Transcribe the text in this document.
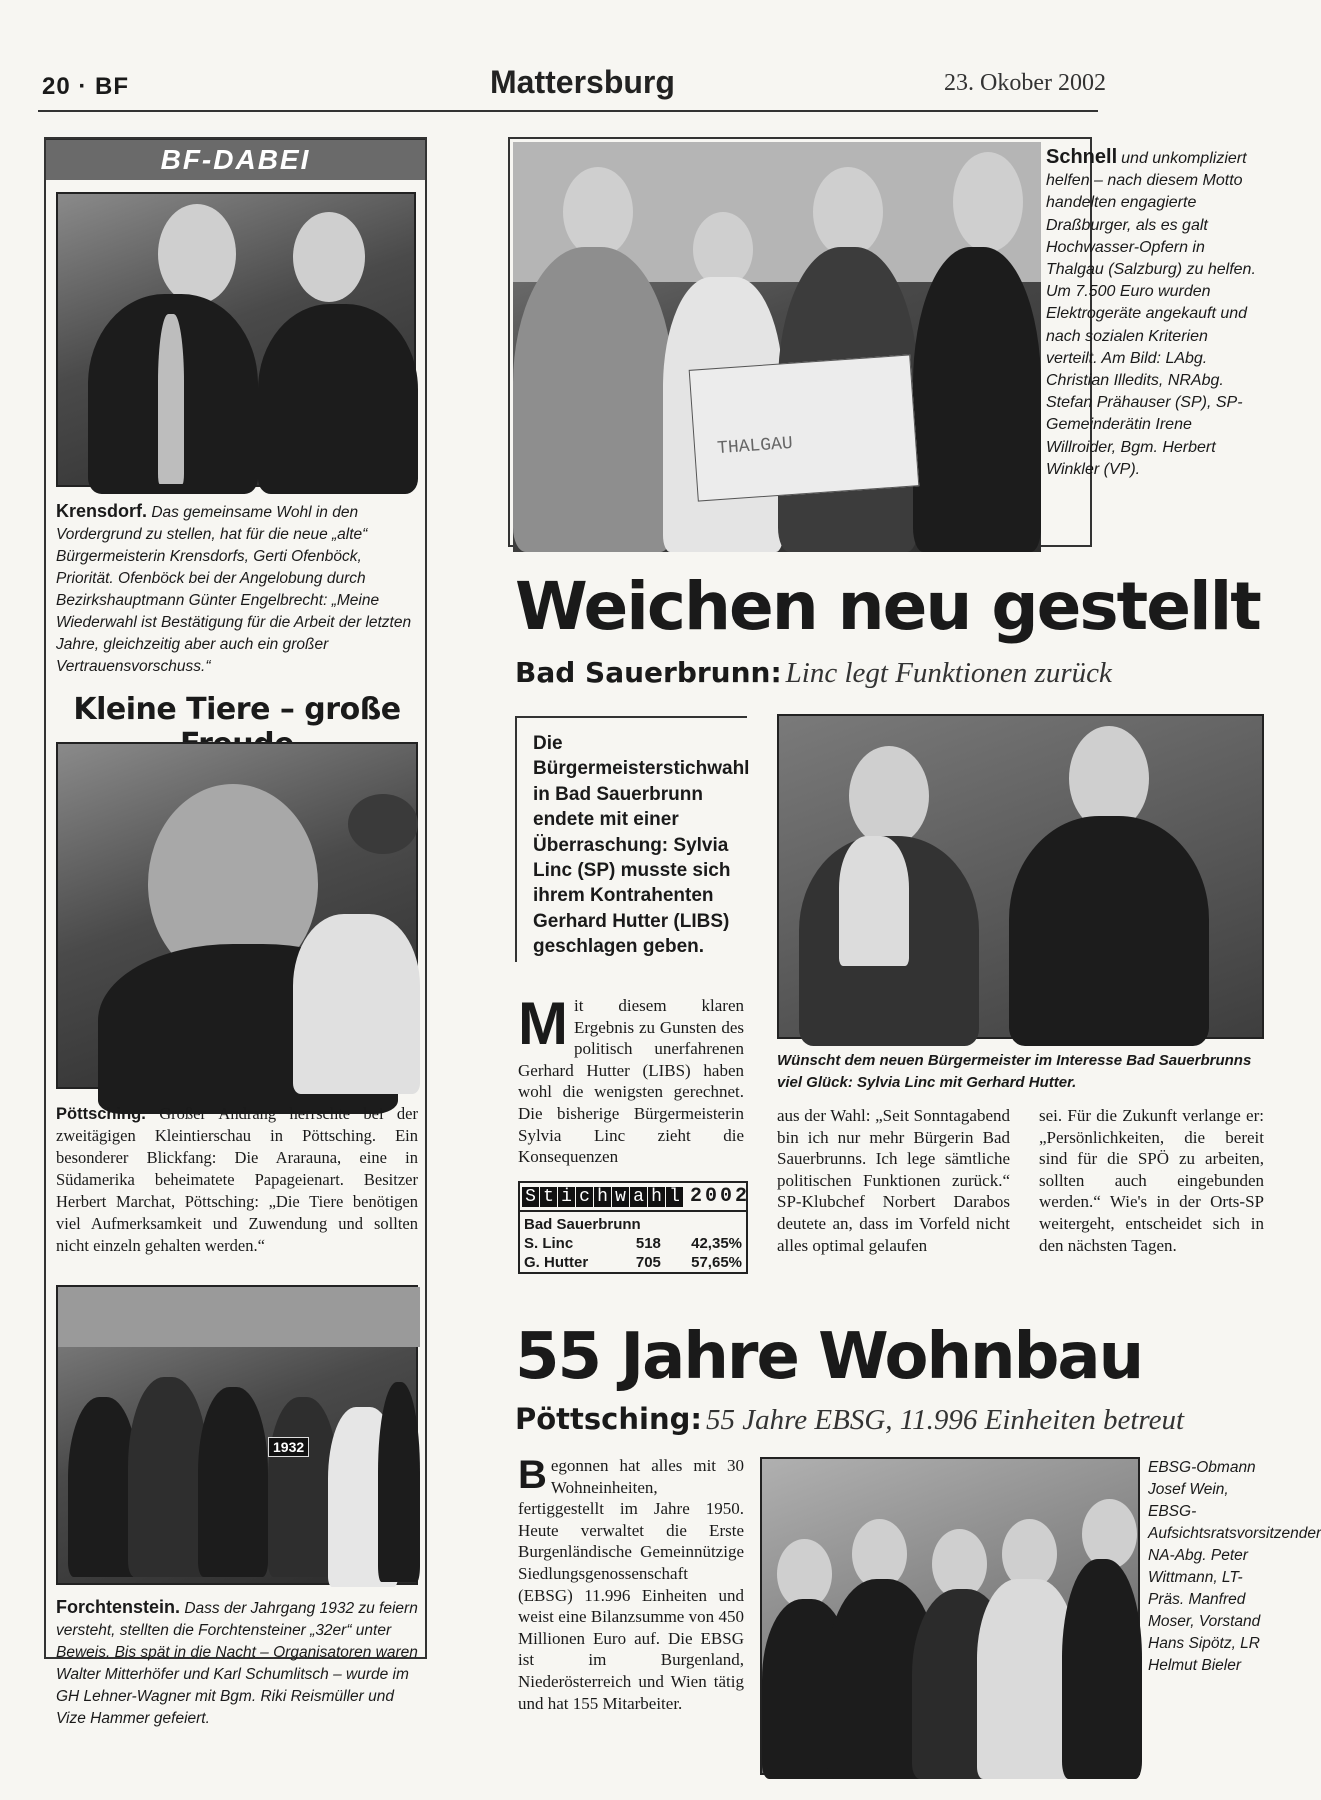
20 · BF	Mattersburg	23. Okober 2002
BF-DABEI
Krensdorf. Das gemeinsame Wohl in den Vordergrund zu stellen, hat für die neue „alte“ Bürgermeisterin Krensdorfs, Gerti Ofenböck, Priorität. Ofenböck bei der Angelobung durch Bezirkshauptmann Günter Engelbrecht: „Meine Wiederwahl ist Bestätigung für die Arbeit der letzten Jahre, gleichzeitig aber auch ein großer Vertrauensvorschuss.“
Kleine Tiere – große
Pöttsching. Großer Andrang herrschte bei der zweitägigen Kleintierschau in Pöttsching. Ein besonderer Blickfang: Die Ararauna, eine in Südamerika beheimatete Papageienart. Besitzer Herbert Marchat, Pöttsching: „Die Tiere benötigen viel Aufmerksamkeit und Zuwendung und sollten nicht einzeln gehalten werden.“
1932
Forchtenstein. Dass der Jahrgang 1932 zu feiern versteht, stellten die Forchtensteiner „32er“ unter Beweis. Bis spät in die Nacht – Organisatoren waren Walter Mitterhöfer und Karl Schumlitsch – wurde im GH Lehner-Wagner mit Bgm. Riki Reismüller und Vize Hammer gefeiert.
THALGAU
Schnell und unkompliziert helfen – nach diesem Motto handelten engagierte Draßburger, als es galt Hochwasser-Opfern in Thalgau (Salzburg) zu helfen. Um 7.500 Euro wurden Elektrogeräte angekauft und nach sozialen Kriterien verteilt. Am Bild: LAbg. Christian Illedits, NRAbg. Stefan Prähauser (SP), SP-Gemeinderätin Irene Willroider, Bgm. Herbert Winkler (VP).
Weichen neu gestellt
Bad Sauerbrunn: Linc legt Funktionen zurück
Die Bürgermeisterstichwahl in Bad Sauerbrunn endete mit einer Überraschung: Sylvia Linc (SP) musste sich ihrem Kontrahenten Gerhard Hutter (LIBS) geschlagen geben.
Wünscht dem neuen Bürgermeister im Interesse Bad Sauerbrunns viel Glück: Sylvia Linc mit Gerhard Hutter.
Mit diesem klaren Ergebnis zu Gunsten des politisch unerfahrenen Gerhard Hutter (LIBS) haben wohl die wenigsten gerechnet. Die bisherige Bürgermeisterin Sylvia Linc zieht die Konsequenzen
aus der Wahl: „Seit Sonntagabend bin ich nur mehr Bürgerin Bad Sauerbrunns. Ich lege sämtliche politischen Funktionen zurück.“ SP-Klubchef Norbert Darabos deutete an, dass im Vorfeld nicht alles optimal gelaufen
sei. Für die Zukunft verlange er: „Persönlichkeiten, die bereit sind für die SPÖ zu arbeiten, sollten auch eingebunden werden.“ Wie's in der Orts-SP weitergeht, entscheidet sich in den nächsten Tagen.
S t i c h w a h l 2002
Bad Sauerbrunn		
S. Linc	518	42,35%
G. Hutter	705	57,65%
55 Jahre Wohnbau
Pöttsching: 55 Jahre EBSG, 11.996 Einheiten betreut
Begonnen hat alles mit 30 Wohneinheiten, fertiggestellt im Jahre 1950. Heute verwaltet die Erste Burgenländische Gemeinnützige Siedlungsgenossenschaft (EBSG) 11.996 Einheiten und weist eine Bilanzsumme von 450 Millionen Euro auf. Die EBSG ist im Burgenland, Niederösterreich und Wien tätig und hat 155 Mitarbeiter.
EBSG-Obmann Josef Wein, EBSG-Aufsichtsratsvorsitzender NA-Abg. Peter Wittmann, LT-Präs. Manfred Moser, Vorstand Hans Sipötz, LR Helmut Bieler
